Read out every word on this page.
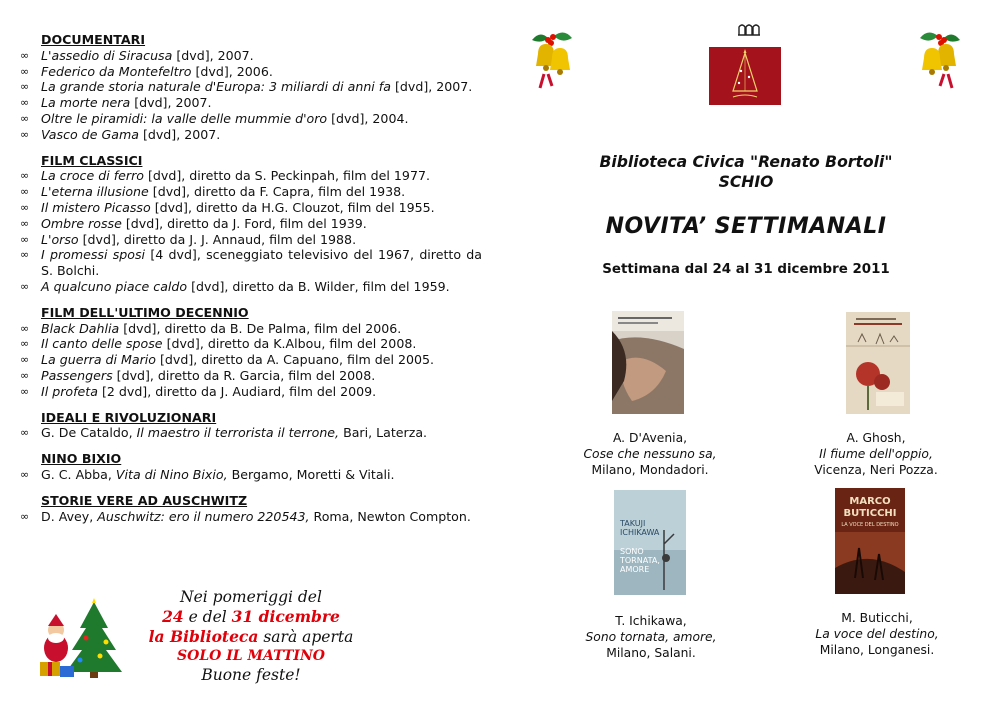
DOCUMENTARI
∞ L'assedio di Siracusa [dvd], 2007.
∞ Federico da Montefeltro [dvd], 2006.
∞ La grande storia naturale d'Europa: 3 miliardi di anni fa [dvd], 2007.
∞ La morte nera [dvd], 2007.
∞ Oltre le piramidi: la valle delle mummie d'oro [dvd], 2004.
∞ Vasco de Gama [dvd], 2007.
FILM CLASSICI
∞ La croce di ferro [dvd], diretto da S. Peckinpah, film del 1977.
∞ L'eterna illusione [dvd], diretto da F. Capra, film del 1938.
∞ Il mistero Picasso [dvd], diretto da H.G. Clouzot, film del 1955.
∞ Ombre rosse [dvd], diretto da J. Ford, film del 1939.
∞ L'orso [dvd], diretto da J. J. Annaud, film del 1988.
∞ I promessi sposi [4 dvd], sceneggiato televisivo del 1967, diretto da S. Bolchi.
∞ A qualcuno piace caldo [dvd], diretto da B. Wilder, film del 1959.
FILM DELL'ULTIMO DECENNIO
∞ Black Dahlia [dvd], diretto da B. De Palma, film del 2006.
∞ Il canto delle spose [dvd], diretto da K.Albou, film del 2008.
∞ La guerra di Mario [dvd], diretto da A. Capuano, film del 2005.
∞ Passengers [dvd], diretto da R. Garcia, film del 2008.
∞ Il profeta [2 dvd], diretto da J. Audiard, film del 2009.
IDEALI E RIVOLUZIONARI
∞ G. De Cataldo, Il maestro il terrorista il terrone, Bari, Laterza.
NINO BIXIO
∞ G. C. Abba, Vita di Nino Bixio, Bergamo, Moretti & Vitali.
STORIE VERE AD AUSCHWITZ
∞ D. Avey, Auschwitz: ero il numero 220543, Roma, Newton Compton.
Nei pomeriggi del
24 e del 31 dicembre
la Biblioteca sarà aperta
SOLO IL MATTINO
Buone feste!
Biblioteca Civica "Renato Bortoli"
SCHIO
NOVITA’ SETTIMANALI
Settimana dal 24 al 31 dicembre 2011
TAKUJI
ICHIKAWA
SONO
TORNATA,
AMORE
MARCO
BUTICCHI
LA VOCE DEL DESTINO
A. D'Avenia,
Cose che nessuno sa,
Milano, Mondadori.
A. Ghosh,
Il fiume dell'oppio,
Vicenza, Neri Pozza.
T. Ichikawa,
Sono tornata, amore,
Milano, Salani.
M. Buticchi,
La voce del destino,
Milano, Longanesi.
